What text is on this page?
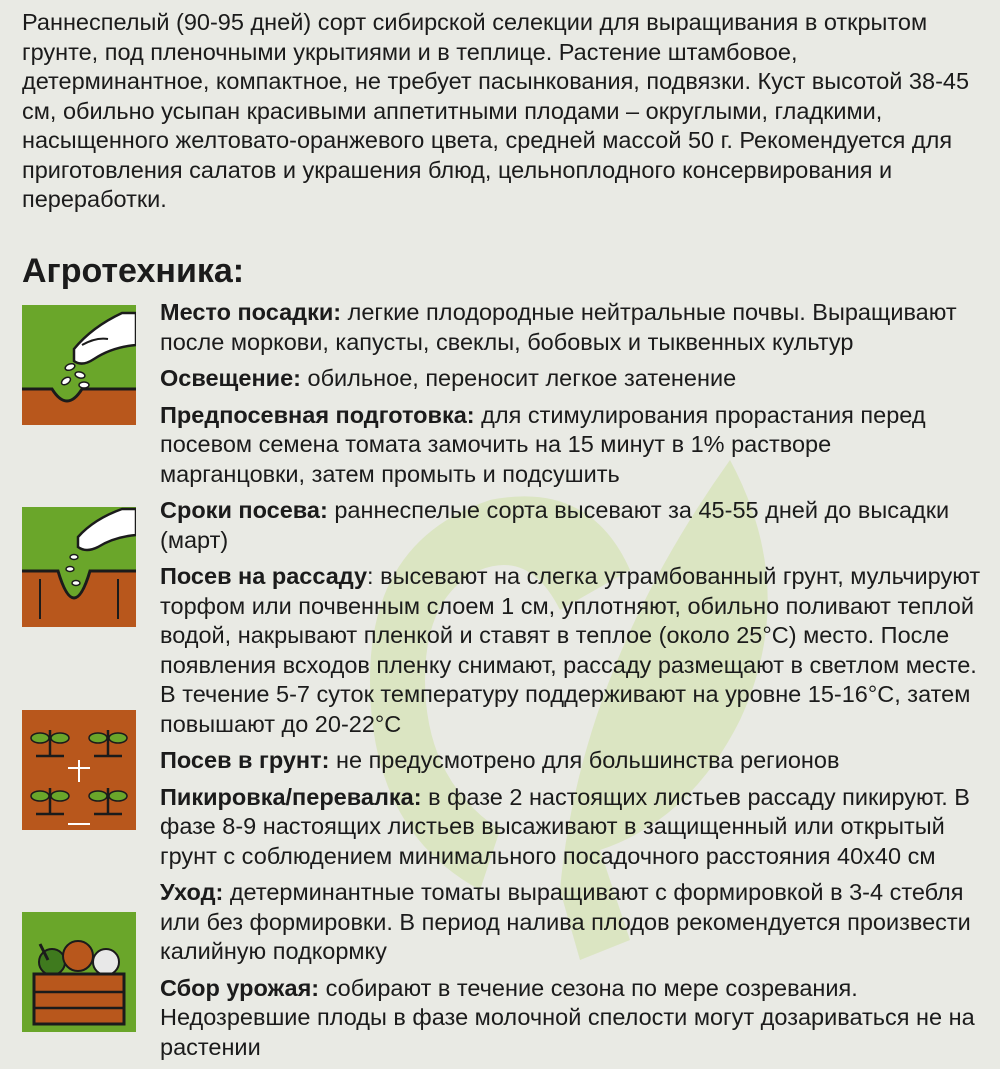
Раннеспелый (90-95 дней) сорт сибирской селекции для выращивания в открытом грунте, под пленочными укрытиями и в теплице. Растение штамбовое, детерминантное, компактное, не требует пасынкования, подвязки. Куст высотой 38-45 см, обильно усыпан красивыми аппетитными плодами – округлыми, гладкими, насыщенного желтовато-оранжевого цвета, средней массой 50 г. Рекомендуется для приготовления салатов и украшения блюд, цельноплодного консервирования и переработки.

Агротехника:

Место посадки: легкие плодородные нейтральные почвы. Выращивают после моркови, капусты, свеклы, бобовых и тыквенных культур

Освещение: обильное, переносит легкое затенение

Предпосевная подготовка: для стимулирования прорастания перед посевом семена томата замочить на 15 минут в 1% растворе марганцовки, затем промыть и подсушить

Сроки посева: раннеспелые сорта высевают за 45-55 дней до высадки (март)

Посев на рассаду: высевают на слегка утрамбованный грунт, мульчируют торфом или почвенным слоем 1 см, уплотняют, обильно поливают теплой водой, накрывают пленкой и ставят в теплое (около 25°С) место. После появления всходов пленку снимают, рассаду размещают в светлом месте. В течение 5-7 суток температуру поддерживают на уровне 15-16°С, затем повышают до 20-22°С

Посев в грунт: не предусмотрено для большинства регионов

Пикировка/перевалка: в фазе 2 настоящих листьев рассаду пикируют. В фазе 8-9 настоящих листьев высаживают в защищенный или открытый грунт с соблюдением минимального посадочного расстояния 40х40 см

Уход: детерминантные томаты выращивают с формировкой в 3-4 стебля или без формировки. В период налива плодов рекомендуется произвести калийную подкормку

Сбор урожая: собирают в течение сезона по мере созревания. Недозревшие плоды в фазе молочной спелости могут дозариваться не на растении
